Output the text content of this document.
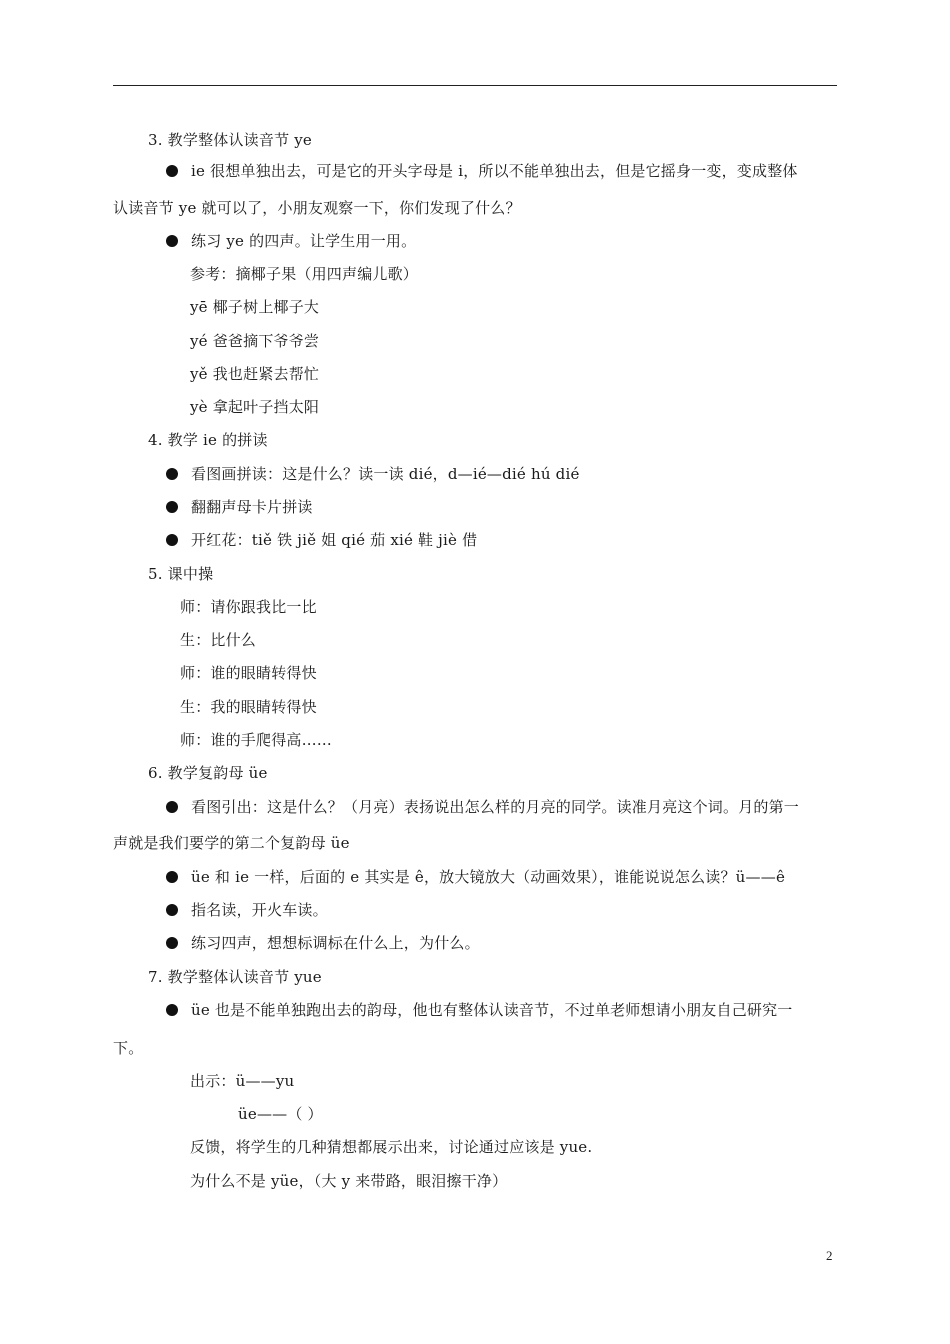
3. 教学整体认读音节 ye
ie 很想单独出去，可是它的开头字母是 i，所以不能单独出去，但是它摇身一变，变成整体
认读音节 ye 就可以了，小朋友观察一下，你们发现了什么？
练习 ye 的四声。让学生用一用。
参考：摘椰子果（用四声编儿歌）
yē 椰子树上椰子大
yé 爸爸摘下爷爷尝
yě 我也赶紧去帮忙
yè 拿起叶子挡太阳
4. 教学 ie 的拼读
看图画拼读：这是什么？读一读 dié，d—ié—dié hú dié
翻翻声母卡片拼读
开红花：tiě 铁 jiě 姐 qié 茄 xié 鞋 jiè 借
5. 课中操
师：请你跟我比一比
生：比什么
师：谁的眼睛转得快
生：我的眼睛转得快
师：谁的手爬得高……
6. 教学复韵母 üe
看图引出：这是什么？（月亮）表扬说出怎么样的月亮的同学。读准月亮这个词。月的第一
声就是我们要学的第二个复韵母 üe
üe 和 ie 一样，后面的 e 其实是 ê，放大镜放大（动画效果），谁能说说怎么读？ü——ê
指名读，开火车读。
练习四声，想想标调标在什么上，为什么。
7. 教学整体认读音节 yue
üe 也是不能单独跑出去的韵母，他也有整体认读音节，不过单老师想请小朋友自己研究一
下。
出示：ü——yu
üe——（ ）
反馈，将学生的几种猜想都展示出来，讨论通过应该是 yue.
为什么不是 yüe，（大 y 来带路，眼泪擦干净）
2
